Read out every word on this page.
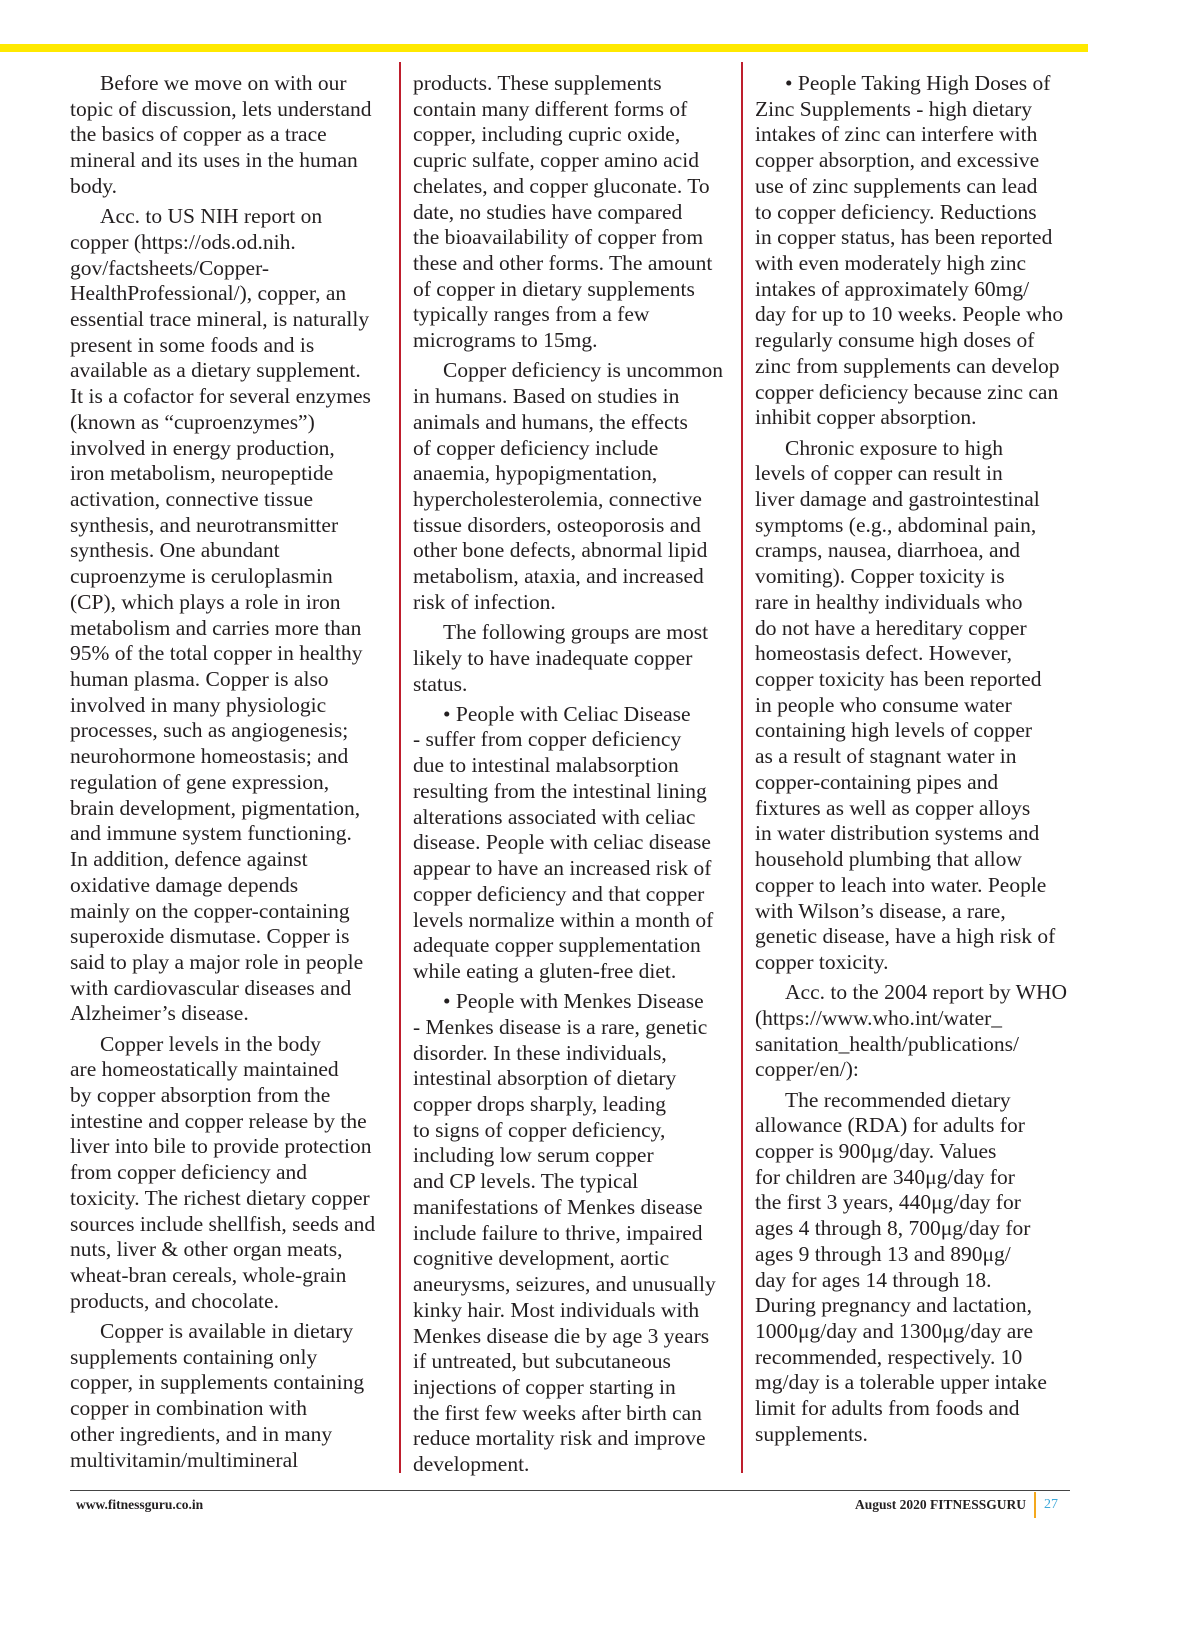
Before we move on with our
topic of discussion, lets understand
the basics of copper as a trace
mineral and its uses in the human
body.

Acc. to US NIH report on
copper (https://ods.od.nih.
gov/factsheets/Copper-
HealthProfessional/), copper, an
essential trace mineral, is naturally
present in some foods and is
available as a dietary supplement.
It is a cofactor for several enzymes
(known as “cuproenzymes”)
involved in energy production,
iron metabolism, neuropeptide
activation, connective tissue
synthesis, and neurotransmitter
synthesis. One abundant
cuproenzyme is ceruloplasmin
(CP), which plays a role in iron
metabolism and carries more than
95% of the total copper in healthy
human plasma. Copper is also
involved in many physiologic
processes, such as angiogenesis;
neurohormone homeostasis; and
regulation of gene expression,
brain development, pigmentation,
and immune system functioning.
In addition, defence against
oxidative damage depends
mainly on the copper-containing
superoxide dismutase. Copper is
said to play a major role in people
with cardiovascular diseases and
Alzheimer’s disease.

Copper levels in the body
are homeostatically maintained
by copper absorption from the
intestine and copper release by the
liver into bile to provide protection
from copper deficiency and
toxicity. The richest dietary copper
sources include shellfish, seeds and
nuts, liver & other organ meats,
wheat-bran cereals, whole-grain
products, and chocolate.

Copper is available in dietary
supplements containing only
copper, in supplements containing
copper in combination with
other ingredients, and in many
multivitamin/multimineral

products. These supplements
contain many different forms of
copper, including cupric oxide,
cupric sulfate, copper amino acid
chelates, and copper gluconate. To
date, no studies have compared
the bioavailability of copper from
these and other forms. The amount
of copper in dietary supplements
typically ranges from a few
micrograms to 15mg.

Copper deficiency is uncommon
in humans. Based on studies in
animals and humans, the effects
of copper deficiency include
anaemia, hypopigmentation,
hypercholesterolemia, connective
tissue disorders, osteoporosis and
other bone defects, abnormal lipid
metabolism, ataxia, and increased
risk of infection.

The following groups are most
likely to have inadequate copper
status.

• People with Celiac Disease
- suffer from copper deficiency
due to intestinal malabsorption
resulting from the intestinal lining
alterations associated with celiac
disease. People with celiac disease
appear to have an increased risk of
copper deficiency and that copper
levels normalize within a month of
adequate copper supplementation
while eating a gluten-free diet.

• People with Menkes Disease
- Menkes disease is a rare, genetic
disorder. In these individuals,
intestinal absorption of dietary
copper drops sharply, leading
to signs of copper deficiency,
including low serum copper
and CP levels. The typical
manifestations of Menkes disease
include failure to thrive, impaired
cognitive development, aortic
aneurysms, seizures, and unusually
kinky hair. Most individuals with
Menkes disease die by age 3 years
if untreated, but subcutaneous
injections of copper starting in
the first few weeks after birth can
reduce mortality risk and improve
development.

• People Taking High Doses of
Zinc Supplements - high dietary
intakes of zinc can interfere with
copper absorption, and excessive
use of zinc supplements can lead
to copper deficiency. Reductions
in copper status, has been reported
with even moderately high zinc
intakes of approximately 60mg/
day for up to 10 weeks. People who
regularly consume high doses of
zinc from supplements can develop
copper deficiency because zinc can
inhibit copper absorption.

Chronic exposure to high
levels of copper can result in
liver damage and gastrointestinal
symptoms (e.g., abdominal pain,
cramps, nausea, diarrhoea, and
vomiting). Copper toxicity is
rare in healthy individuals who
do not have a hereditary copper
homeostasis defect. However,
copper toxicity has been reported
in people who consume water
containing high levels of copper
as a result of stagnant water in
copper-containing pipes and
fixtures as well as copper alloys
in water distribution systems and
household plumbing that allow
copper to leach into water. People
with Wilson’s disease, a rare,
genetic disease, have a high risk of
copper toxicity.

Acc. to the 2004 report by WHO
(https://www.who.int/water_
sanitation_health/publications/
copper/en/):

The recommended dietary
allowance (RDA) for adults for
copper is 900μg/day. Values
for children are 340μg/day for
the first 3 years, 440μg/day for
ages 4 through 8, 700μg/day for
ages 9 through 13 and 890μg/
day for ages 14 through 18.
During pregnancy and lactation,
1000μg/day and 1300μg/day are
recommended, respectively. 10
mg/day is a tolerable upper intake
limit for adults from foods and
supplements.

www.fitnessguru.co.in	August 2020 FITNESSGURU 27
